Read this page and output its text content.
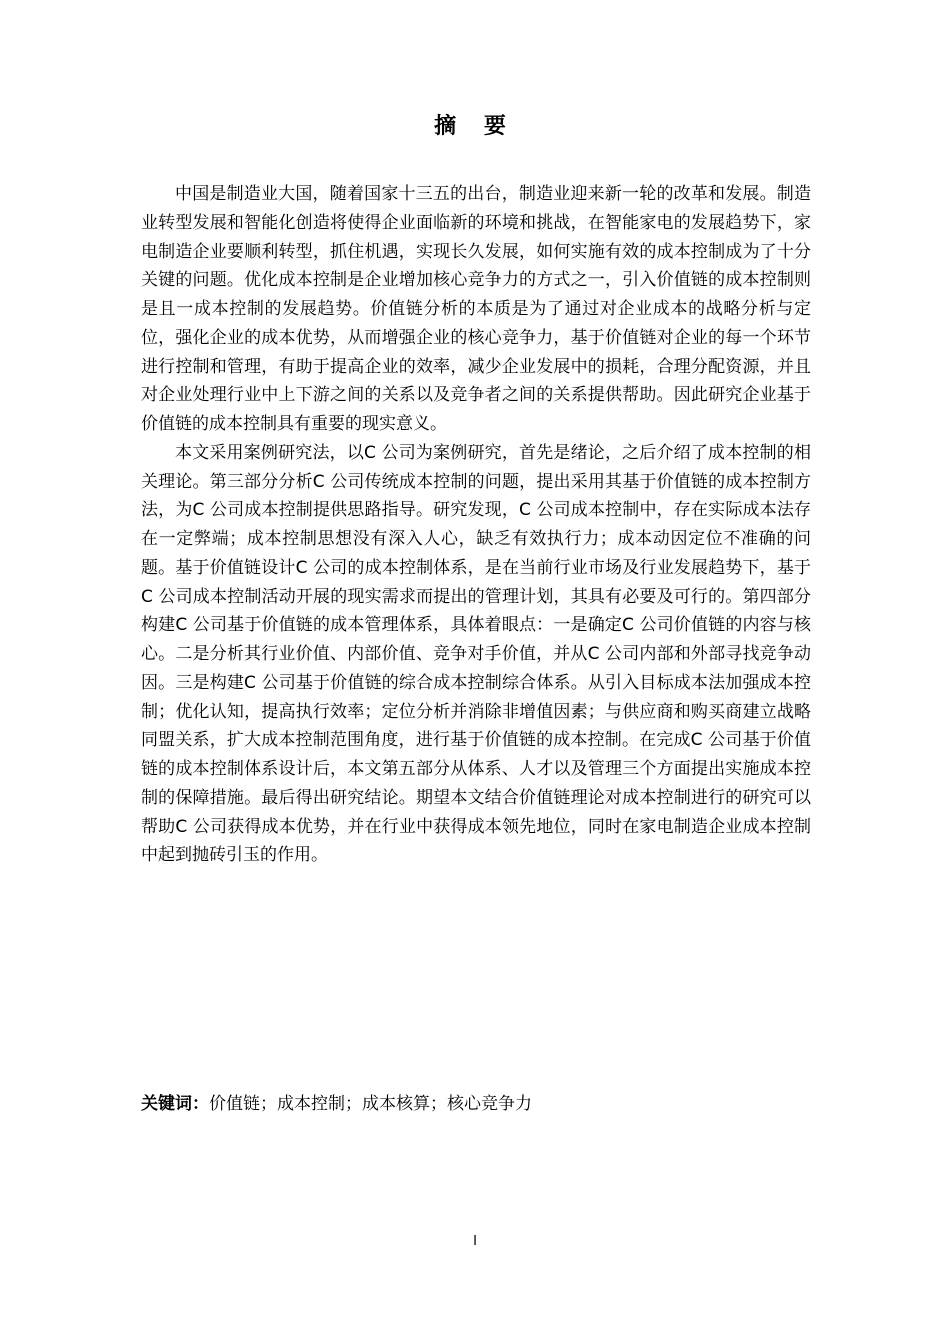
摘 要

中国是制造业大国，随着国家十三五的出台，制造业迎来新一轮的改革和发展。制造业转型发展和智能化创造将使得企业面临新的环境和挑战，在智能家电的发展趋势下，家电制造企业要顺利转型，抓住机遇，实现长久发展，如何实施有效的成本控制成为了十分关键的问题。优化成本控制是企业增加核心竞争力的方式之一，引入价值链的成本控制则是且一成本控制的发展趋势。价值链分析的本质是为了通过对企业成本的战略分析与定位，强化企业的成本优势，从而增强企业的核心竞争力，基于价值链对企业的每一个环节进行控制和管理，有助于提高企业的效率，减少企业发展中的损耗，合理分配资源，并且对企业处理行业中上下游之间的关系以及竞争者之间的关系提供帮助。因此研究企业基于价值链的成本控制具有重要的现实意义。

本文采用案例研究法，以C 公司为案例研究，首先是绪论，之后介绍了成本控制的相关理论。第三部分分析C 公司传统成本控制的问题，提出采用其基于价值链的成本控制方法，为C 公司成本控制提供思路指导。研究发现，C 公司成本控制中，存在实际成本法存在一定弊端；成本控制思想没有深入人心，缺乏有效执行力；成本动因定位不准确的问题。基于价值链设计C 公司的成本控制体系，是在当前行业市场及行业发展趋势下，基于C 公司成本控制活动开展的现实需求而提出的管理计划，其具有必要及可行的。第四部分构建C 公司基于价值链的成本管理体系，具体着眼点：一是确定C 公司价值链的内容与核心。二是分析其行业价值、内部价值、竞争对手价值，并从C 公司内部和外部寻找竞争动因。三是构建C 公司基于价值链的综合成本控制综合体系。从引入目标成本法加强成本控制；优化认知，提高执行效率；定位分析并消除非增值因素；与供应商和购买商建立战略同盟关系，扩大成本控制范围角度，进行基于价值链的成本控制。在完成C 公司基于价值链的成本控制体系设计后，本文第五部分从体系、人才以及管理三个方面提出实施成本控制的保障措施。最后得出研究结论。期望本文结合价值链理论对成本控制进行的研究可以帮助C 公司获得成本优势，并在行业中获得成本领先地位，同时在家电制造企业成本控制中起到抛砖引玉的作用。

关键词：价值链；成本控制；成本核算；核心竞争力
I
